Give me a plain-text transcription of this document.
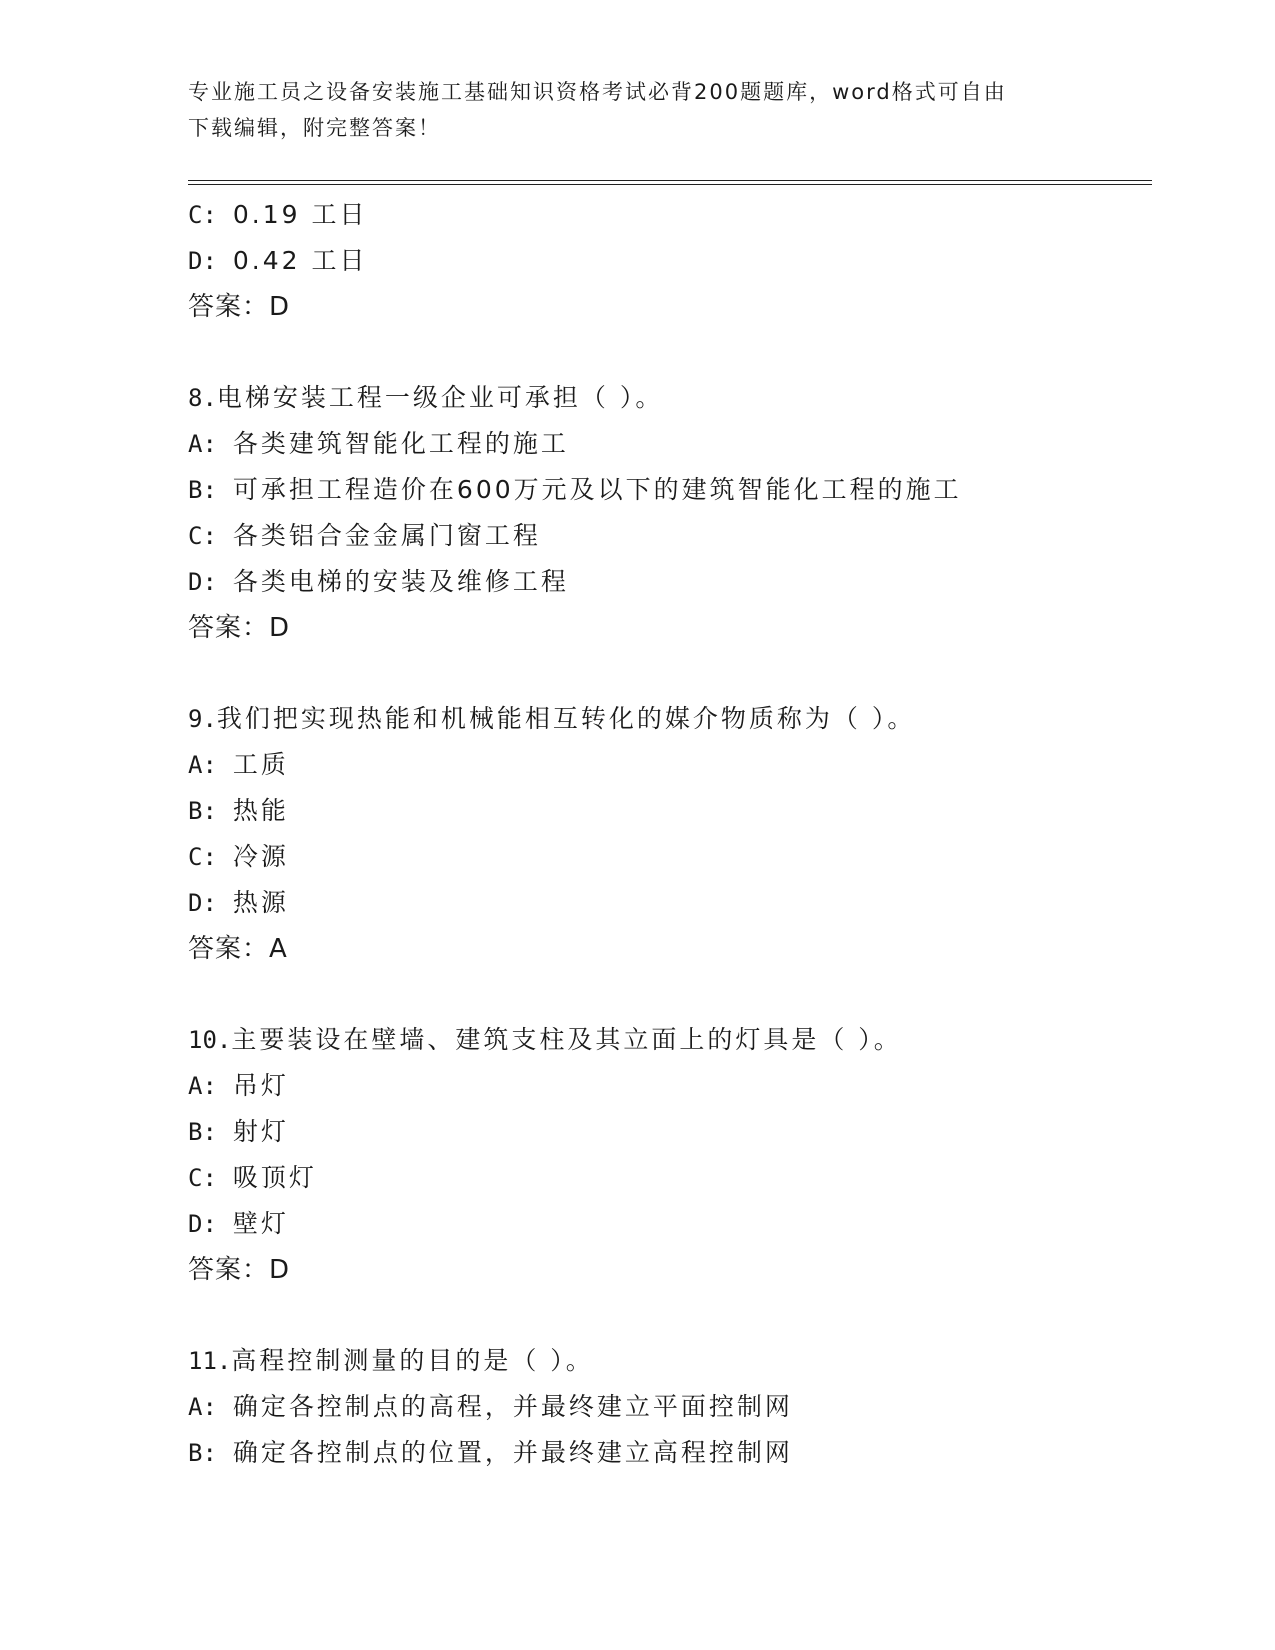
专业施工员之设备安装施工基础知识资格考试必背200题题库，word格式可自由
下载编辑，附完整答案！
C: 0.19 工日
D: 0.42 工日
答案：D
8.电梯安装工程一级企业可承担（ ）。
A: 各类建筑智能化工程的施工
B: 可承担工程造价在600万元及以下的建筑智能化工程的施工
C: 各类铝合金金属门窗工程
D: 各类电梯的安装及维修工程
答案：D
9.我们把实现热能和机械能相互转化的媒介物质称为（ ）。
A: 工质
B: 热能
C: 冷源
D: 热源
答案：A
10.主要装设在壁墙、建筑支柱及其立面上的灯具是（ ）。
A: 吊灯
B: 射灯
C: 吸顶灯
D: 壁灯
答案：D
11.高程控制测量的目的是（ ）。
A: 确定各控制点的高程，并最终建立平面控制网
B: 确定各控制点的位置，并最终建立高程控制网
